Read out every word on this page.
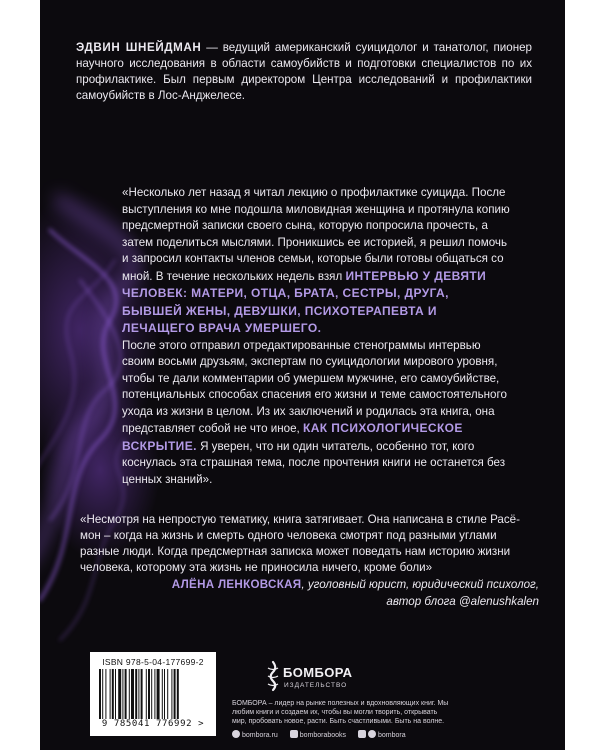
ЭДВИН ШНЕЙДМАН — ведущий американский суицидолог и танатолог, пионер научного исследования в области самоубийств и подготовки специалистов по их профилактике. Был первым директором Центра исследований и профилактики самоубийств в Лос-Анджелесе.

«Несколько лет назад я читал лекцию о профилактике суицида. После выступления ко мне подошла миловидная женщина и протянула копию предсмертной записки своего сына, которую попросила прочесть, а затем поделиться мыслями. Проникшись ее историей, я решил помочь и запросил контакты членов семьи, которые были готовы общаться со мной. В течение нескольких недель взял ИНТЕРВЬЮ У ДЕВЯТИ ЧЕЛОВЕК: МАТЕРИ, ОТЦА, БРАТА, СЕСТРЫ, ДРУГА, БЫВШЕЙ ЖЕНЫ, ДЕВУШКИ, ПСИХОТЕРАПЕВТА И ЛЕЧАЩЕГО ВРАЧА УМЕРШЕГО.

После этого отправил отредактированные стенограммы интервью своим восьми друзьям, экспертам по суицидологии мирового уровня, чтобы те дали комментарии об умершем мужчине, его самоубийстве, потенциальных способах спасения его жизни и теме самостоятельного ухода из жизни в целом. Из их заключений и родилась эта книга, она представляет собой не что иное, КАК ПСИХОЛОГИЧЕСКОЕ ВСКРЫТИЕ. Я уверен, что ни один читатель, особенно тот, кого коснулась эта страшная тема, после прочтения книги не останется без ценных знаний».

«Несмотря на непростую тематику, книга затягивает. Она написана в стиле Расё-мон – когда на жизнь и смерть одного человека смотрят под разными углами разные люди. Когда предсмертная записка может поведать нам историю жизни человека, которому эта жизнь не приносила ничего, кроме боли»

АЛЁНА ЛЕНКОВСКАЯ, уголовный юрист, юридический психолог,
автор блога @alenushkalen
ISBN 978-5-04-177699-2
9 785041 776992 >
БОМБОРА
ИЗДАТЕЛЬСТВО

БОМБОРА – лидер на рынке полезных и вдохновляющих книг. Мы любим книги и создаем их, чтобы вы могли творить, открывать мир, пробовать новое, расти. Быть счастливыми. Быть на волне.

bombora.ru	bomborabooks	bombora
